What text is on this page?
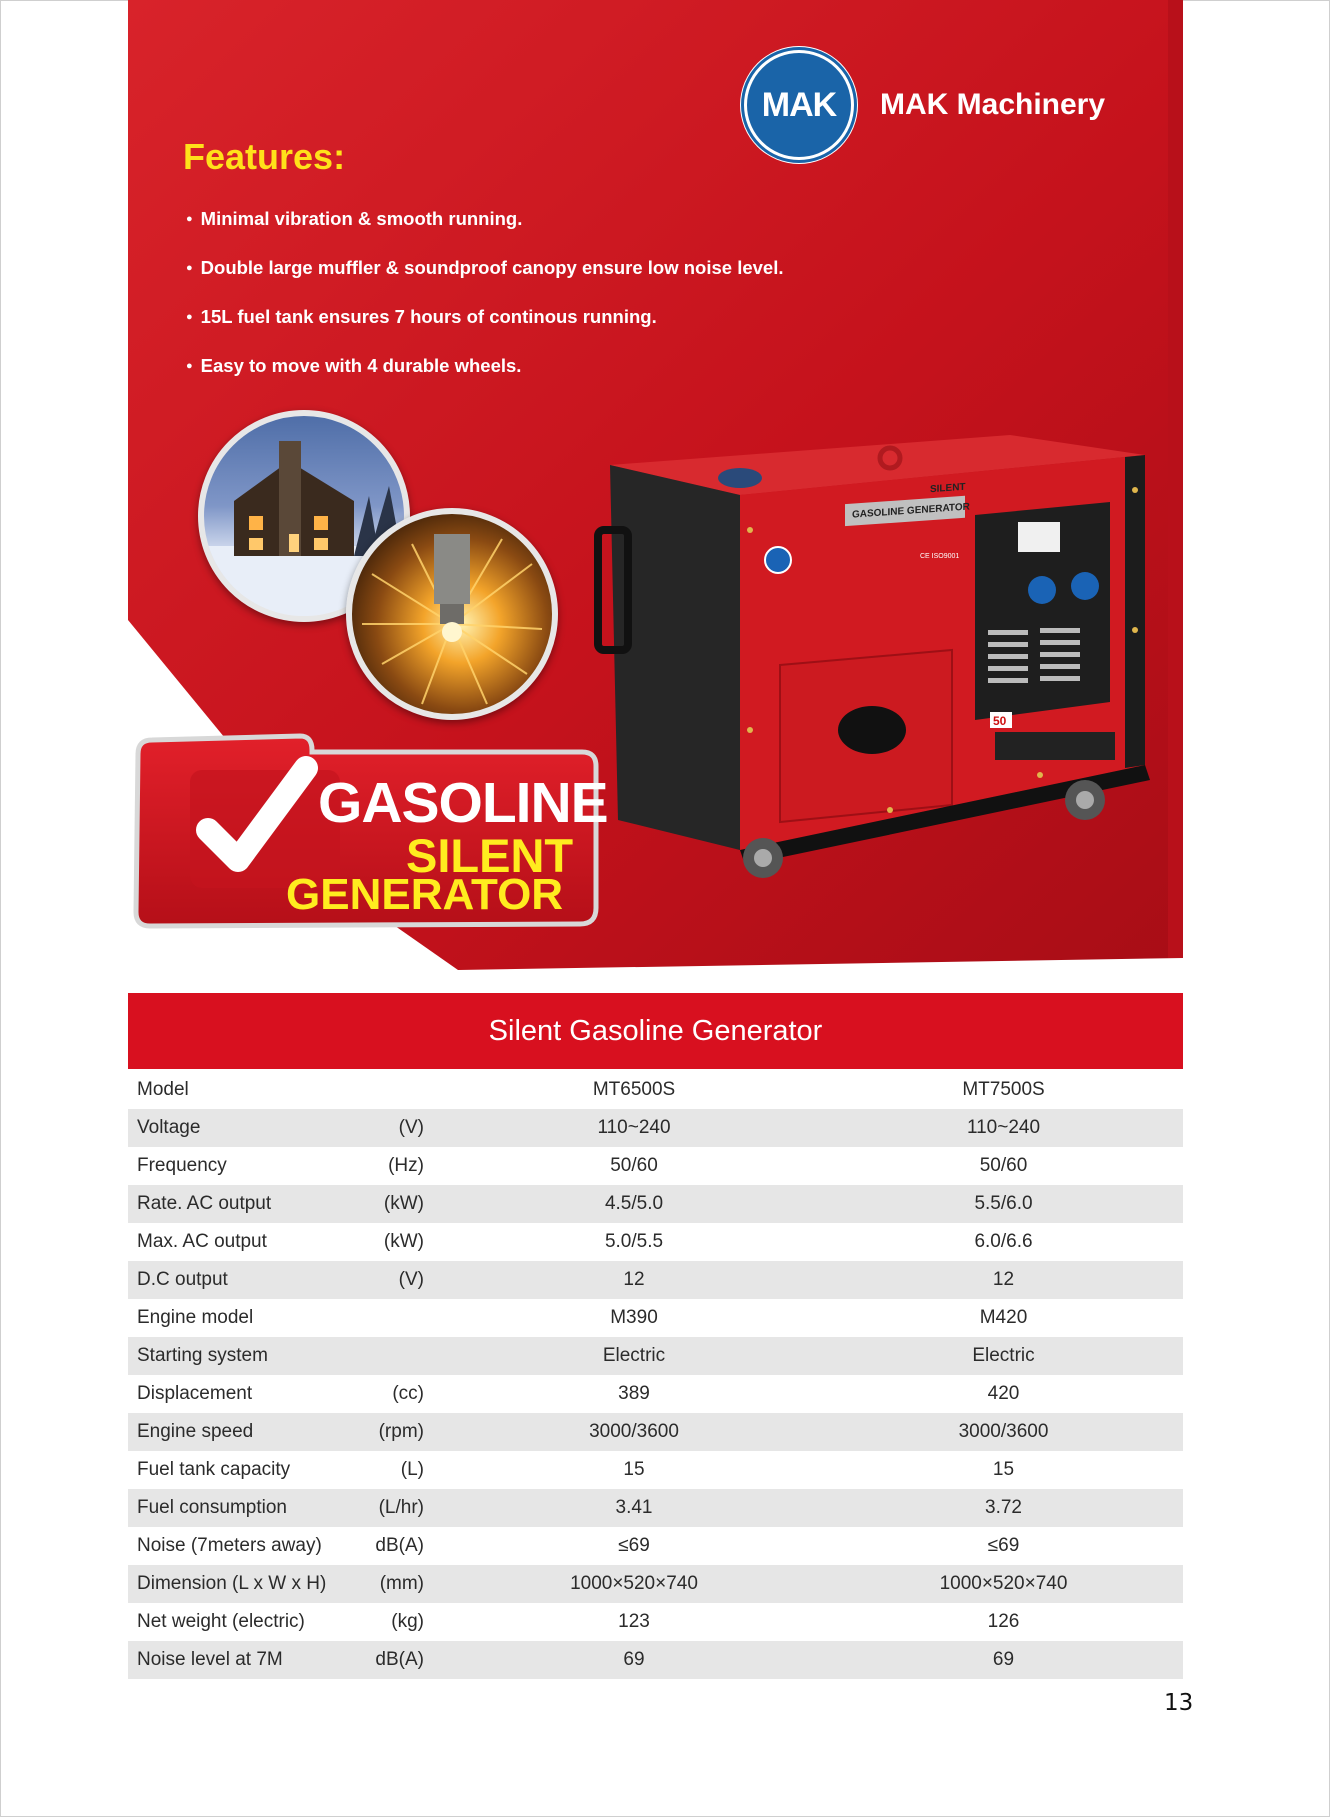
MAK MAK Machinery
Features:
● Minimal vibration & smooth running.
● Double large muffler & soundproof canopy ensure low noise level.
● 15L fuel tank ensures 7 hours of continous running.
● Easy to move with 4 durable wheels.
GASOLINE
SILENT
GENERATOR
GASOLINE GENERATOR
SILENT
CE ISO9001
50
Silent Gasoline Generator
Model			MT6500S	MT7500S
Voltage	(V)		110~240	110~240
Frequency	(Hz)		50/60	50/60
Rate. AC output	(kW)		4.5/5.0	5.5/6.0
Max. AC output	(kW)		5.0/5.5	6.0/6.6
D.C output	(V)		12	12
Engine model			M390	M420
Starting system			Electric	Electric
Displacement	(cc)		389	420
Engine speed	(rpm)		3000/3600	3000/3600
Fuel tank capacity	(L)		15	15
Fuel consumption	(L/hr)		3.41	3.72
Noise (7meters away)	dB(A)		≤69	≤69
Dimension (L x W x H)	(mm)		1000×520×740	1000×520×740
Net weight (electric)	(kg)		123	126
Noise level at 7M	dB(A)		69	69
13
